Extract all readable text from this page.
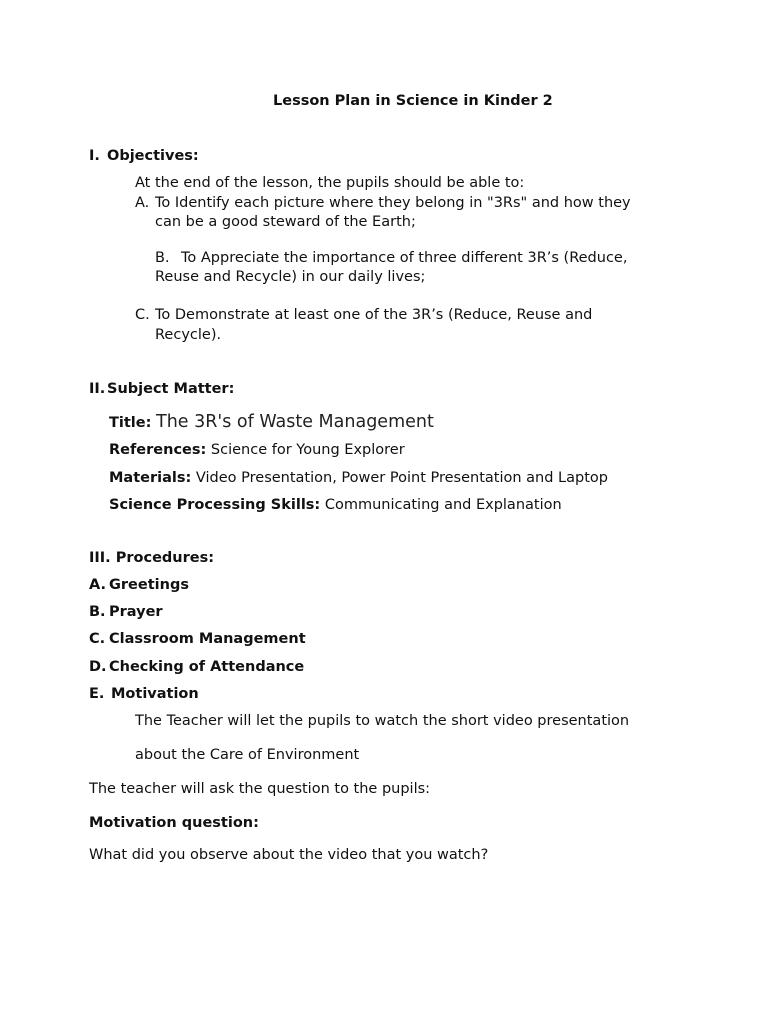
Lesson Plan in Science in Kinder 2
I. Objectives:
At the end of the lesson, the pupils should be able to:
A. To Identify each picture where they belong in "3Rs" and how they
can be a good steward of the Earth;
B. To Appreciate the importance of three different 3R’s (Reduce,
Reuse and Recycle) in our daily lives;
C. To Demonstrate at least one of the 3R’s (Reduce, Reuse and
Recycle).
II. Subject Matter:
Title: The 3R's of Waste Management
References: Science for Young Explorer
Materials: Video Presentation, Power Point Presentation and Laptop
Science Processing Skills: Communicating and Explanation
III. Procedures:
A. Greetings
B. Prayer
C. Classroom Management
D. Checking of Attendance
E. Motivation
The Teacher will let the pupils to watch the short video presentation
about the Care of Environment
The teacher will ask the question to the pupils:
Motivation question:
What did you observe about the video that you watch?
